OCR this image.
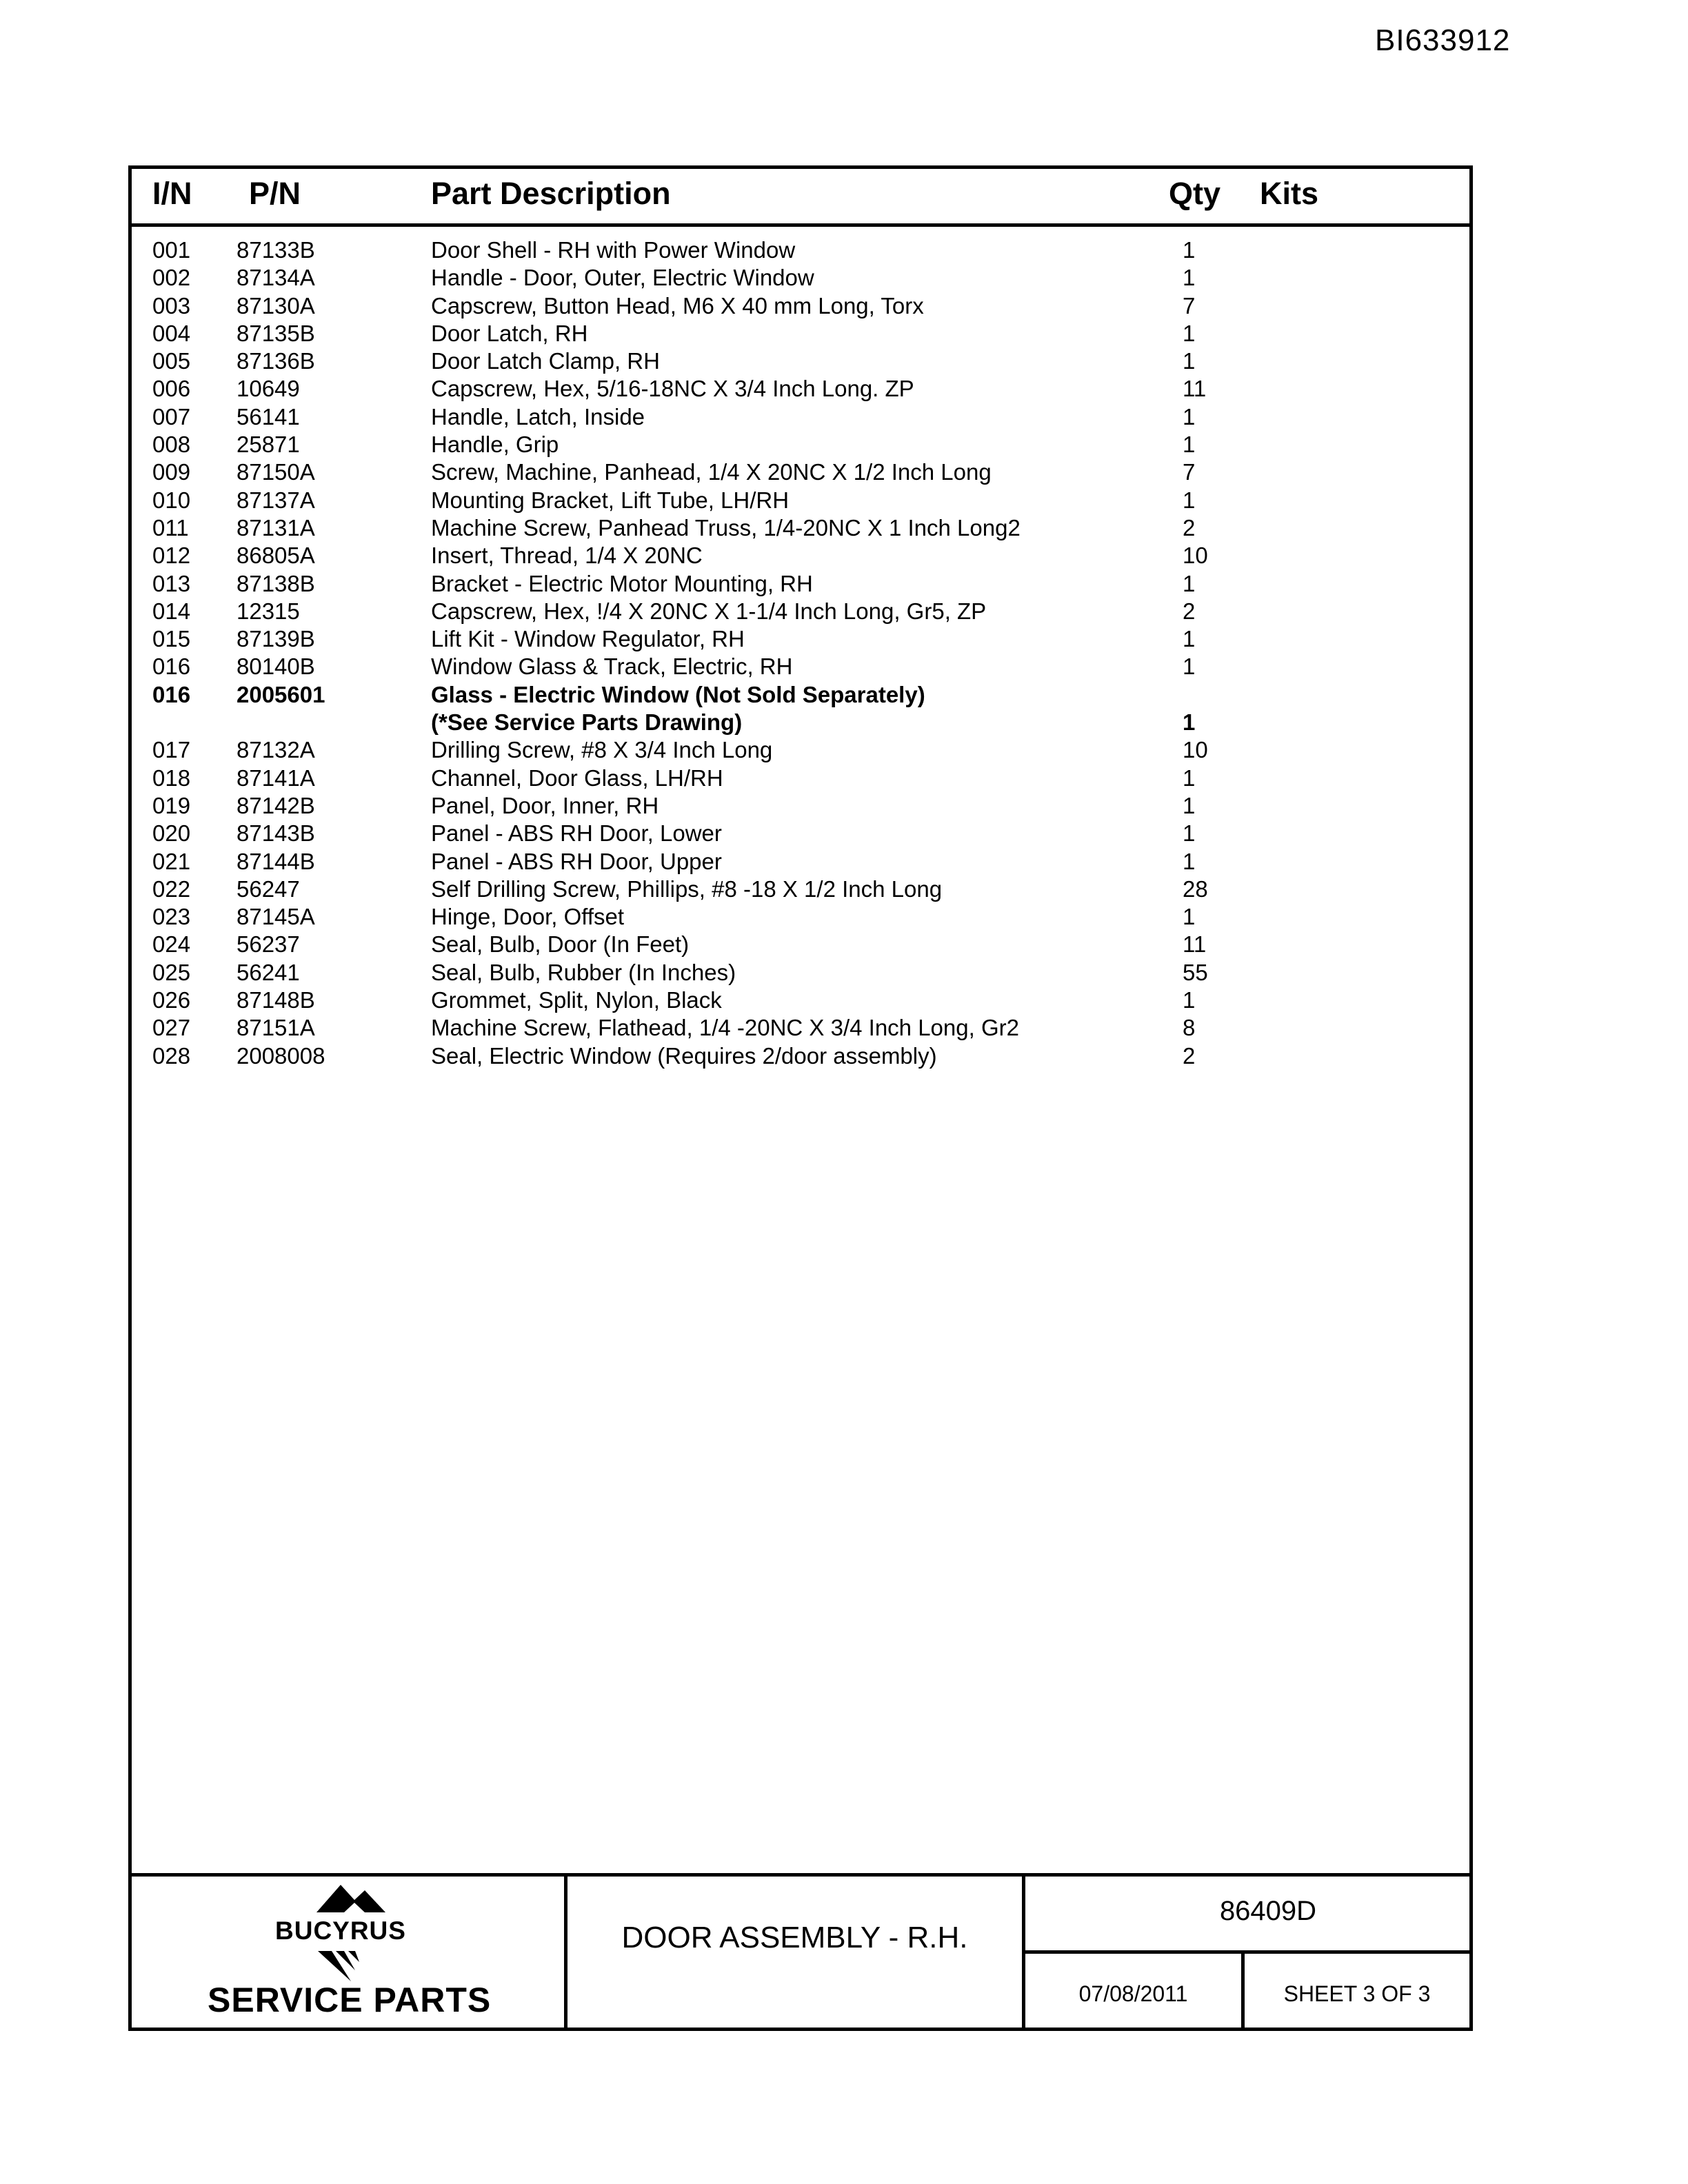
BI633912
I/N P/N	Part Description	Qty Kits
001 87133B	Door Shell - RH with Power Window	1
002 87134A	Handle - Door, Outer, Electric Window	1
003 87130A	Capscrew, Button Head, M6 X 40 mm Long, Torx	7
004 87135B	Door Latch, RH	1
005 87136B	Door Latch Clamp, RH	1
006 10649	Capscrew, Hex, 5/16-18NC X 3/4 Inch Long. ZP	11
007 56141	Handle, Latch, Inside	1
008 25871	Handle, Grip	1
009 87150A	Screw, Machine, Panhead, 1/4 X 20NC X 1/2 Inch Long	7
010 87137A	Mounting Bracket, Lift Tube, LH/RH	1
011 87131A	Machine Screw, Panhead Truss, 1/4-20NC X 1 Inch Long2	2
012 86805A	Insert, Thread, 1/4 X 20NC	10
013 87138B	Bracket - Electric Motor Mounting, RH	1
014 12315	Capscrew, Hex, !/4 X 20NC X 1-1/4 Inch Long, Gr5, ZP	2
015 87139B	Lift Kit - Window Regulator, RH	1
016 80140B	Window Glass & Track, Electric, RH	1
016 2005601	Glass - Electric Window (Not Sold Separately)
(*See Service Parts Drawing)	1
017 87132A	Drilling Screw, #8 X 3/4 Inch Long	10
018 87141A	Channel, Door Glass, LH/RH	1
019 87142B	Panel, Door, Inner, RH	1
020 87143B	Panel - ABS RH Door, Lower	1
021 87144B	Panel - ABS RH Door, Upper	1
022 56247	Self Drilling Screw, Phillips, #8 -18 X 1/2 Inch Long	28
023 87145A	Hinge, Door, Offset	1
024 56237	Seal, Bulb, Door (In Feet)	11
025 56241	Seal, Bulb, Rubber (In Inches)	55
026 87148B	Grommet, Split, Nylon, Black	1
027 87151A	Machine Screw, Flathead, 1/4 -20NC X 3/4 Inch Long, Gr2	8
028 2008008	Seal, Electric Window (Requires 2/door assembly)	2
BUCYRUS
SERVICE PARTS
DOOR ASSEMBLY - R.H.
86409D
07/08/2011	SHEET 3 OF 3
